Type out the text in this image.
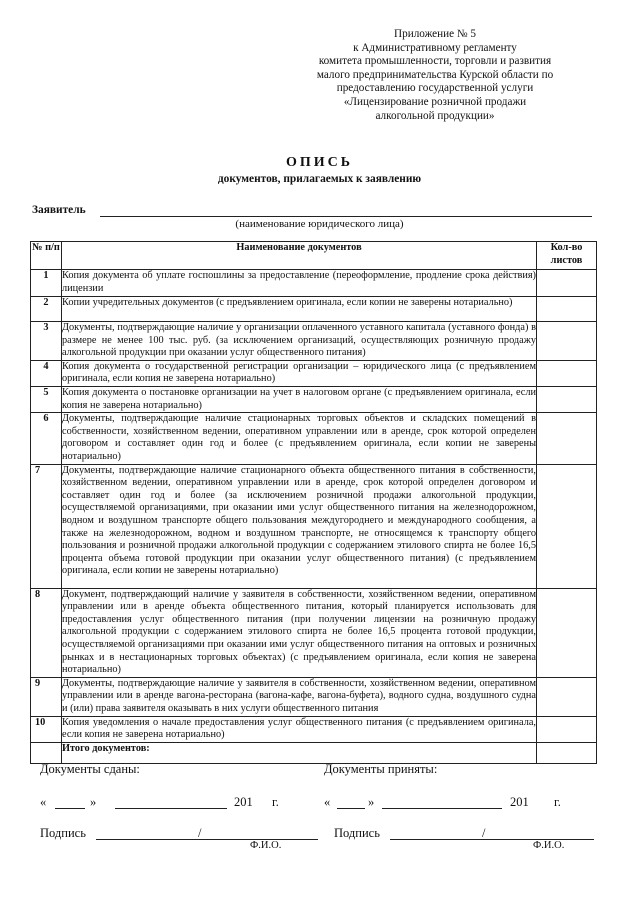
Приложение № 5
к Административному регламенту
комитета промышленности, торговли и развития
малого предпринимательства Курской области по
предоставлению государственной услуги
«Лицензирование розничной продажи
алкогольной продукции»
ОПИСЬ
документов, прилагаемых к заявлению
Заявитель
(наименование юридического лица)
№ п/п	Наименование документов	Кол-во листов
1	Копия документа об уплате госпошлины за предоставление (переоформление, продление срока действия) лицензии	
2	Копии учредительных документов (с предъявлением оригинала, если копии не заверены нотариально)	
3	Документы, подтверждающие наличие у организации оплаченного уставного капитала (уставного фонда) в размере не менее 100 тыс. руб. (за исключением организаций, осуществляющих розничную продажу алкогольной продукции при оказании услуг общественного питания)	
4	Копия документа о государственной регистрации организации – юридического лица (с предъявлением оригинала, если копия не заверена нотариально)	
5	Копия документа о постановке организации на учет в налоговом органе (с предъявлением оригинала, если копия не заверена нотариально)	
6	Документы, подтверждающие наличие стационарных торговых объектов и складских помещений в собственности, хозяйственном ведении, оперативном управлении или в аренде, срок которой определен договором и составляет один год и более (с предъявлением оригинала, если копии не заверены нотариально)	
7	Документы, подтверждающие наличие стационарного объекта общественного питания в собственности, хозяйственном ведении, оперативном управлении или в аренде, срок которой определен договором и составляет один год и более (за исключением розничной продажи алкогольной продукции, осуществляемой организациями, при оказании ими услуг общественного питания на железнодорожном, водном и воздушном транспорте общего пользования междугороднего и международного сообщения, а также на железнодорожном, водном и воздушном транспорте, не относящемся к транспорту общего пользования и розничной продажи алкогольной продукции с содержанием этилового спирта не более 16,5 процента объема готовой продукции при оказании услуг общественного питания) (с предъявлением оригинала, если копии не заверены нотариально)	
8	Документ, подтверждающий наличие у заявителя в собственности, хозяйственном ведении, оперативном управлении или в аренде объекта общественного питания, который планируется использовать для предоставления услуг общественного питания (при получении лицензии на розничную продажу алкогольной продукции с содержанием этилового спирта не более 16,5 процента готовой продукции, осуществляемой организациями при оказании ими услуг общественного питания на оптовых и розничных рынках и в нестационарных торговых объектах) (с предъявлением оригинала, если копия не заверена нотариально)	
9	Документы, подтверждающие наличие у заявителя в собственности, хозяйственном ведении, оперативном управлении или в аренде вагона-ресторана (вагона-кафе, вагона-буфета), водного судна, воздушного судна и (или) права заявителя оказывать в них услуги общественного питания	
10	Копия уведомления о начале предоставления услуг общественного питания (с предъявлением оригинала, если копия не заверена нотариально)	
	Итого документов:	
Документы сданы:	Документы приняты:
«	»	201 г.	«	»	201 г.
Подпись	/
Ф.И.О.
Подпись	/
Ф.И.О.
